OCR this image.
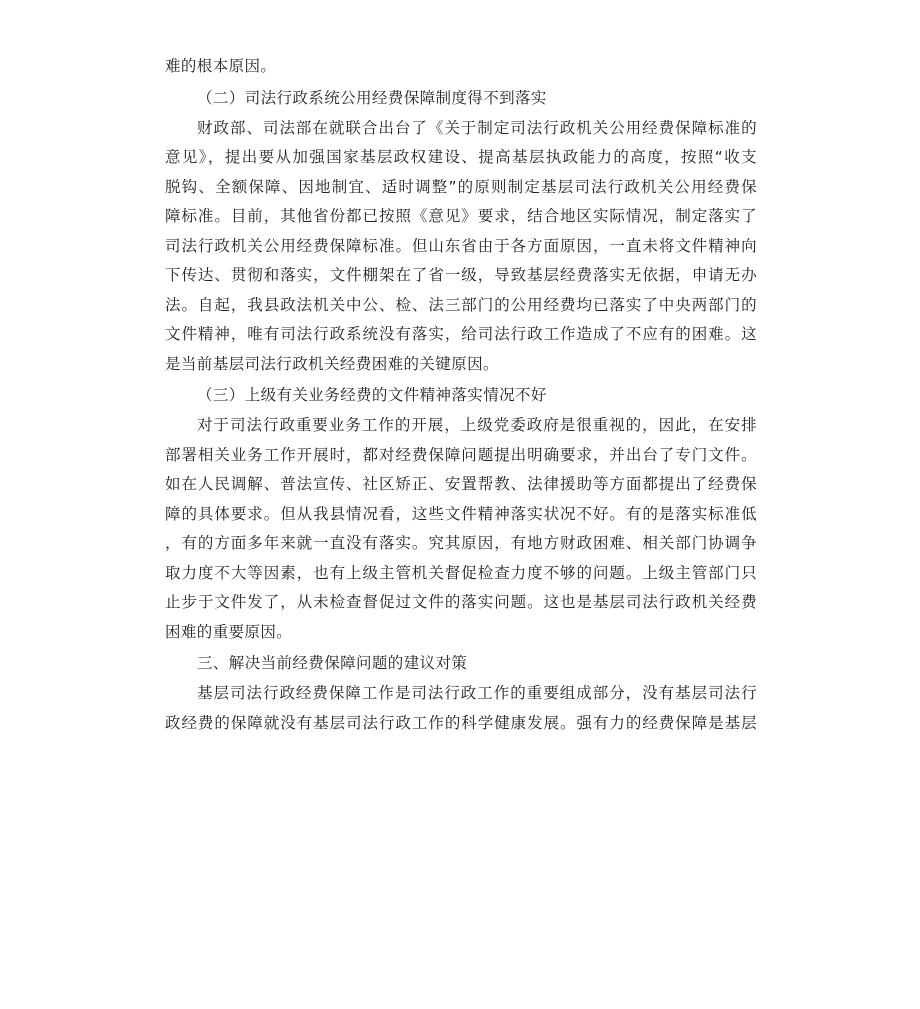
难的根本原因。
（二）司法行政系统公用经费保障制度得不到落实
财政部、司法部在就联合出台了《关于制定司法行政机关公用经费保障标准的
意见》，提出要从加强国家基层政权建设、提高基层执政能力的高度，按照“收支
脱钩、全额保障、因地制宜、适时调整”的原则制定基层司法行政机关公用经费保
障标准。目前，其他省份都已按照《意见》要求，结合地区实际情况，制定落实了
司法行政机关公用经费保障标准。但山东省由于各方面原因，一直未将文件精神向
下传达、贯彻和落实，文件棚架在了省一级，导致基层经费落实无依据，申请无办
法。自起，我县政法机关中公、检、法三部门的公用经费均已落实了中央两部门的
文件精神，唯有司法行政系统没有落实，给司法行政工作造成了不应有的困难。这
是当前基层司法行政机关经费困难的关键原因。
（三）上级有关业务经费的文件精神落实情况不好
对于司法行政重要业务工作的开展，上级党委政府是很重视的，因此，在安排
部署相关业务工作开展时，都对经费保障问题提出明确要求，并出台了专门文件。
如在人民调解、普法宣传、社区矫正、安置帮教、法律援助等方面都提出了经费保
障的具体要求。但从我县情况看，这些文件精神落实状况不好。有的是落实标准低
，有的方面多年来就一直没有落实。究其原因，有地方财政困难、相关部门协调争
取力度不大等因素，也有上级主管机关督促检查力度不够的问题。上级主管部门只
止步于文件发了，从未检查督促过文件的落实问题。这也是基层司法行政机关经费
困难的重要原因。
三、解决当前经费保障问题的建议对策
基层司法行政经费保障工作是司法行政工作的重要组成部分，没有基层司法行
政经费的保障就没有基层司法行政工作的科学健康发展。强有力的经费保障是基层
